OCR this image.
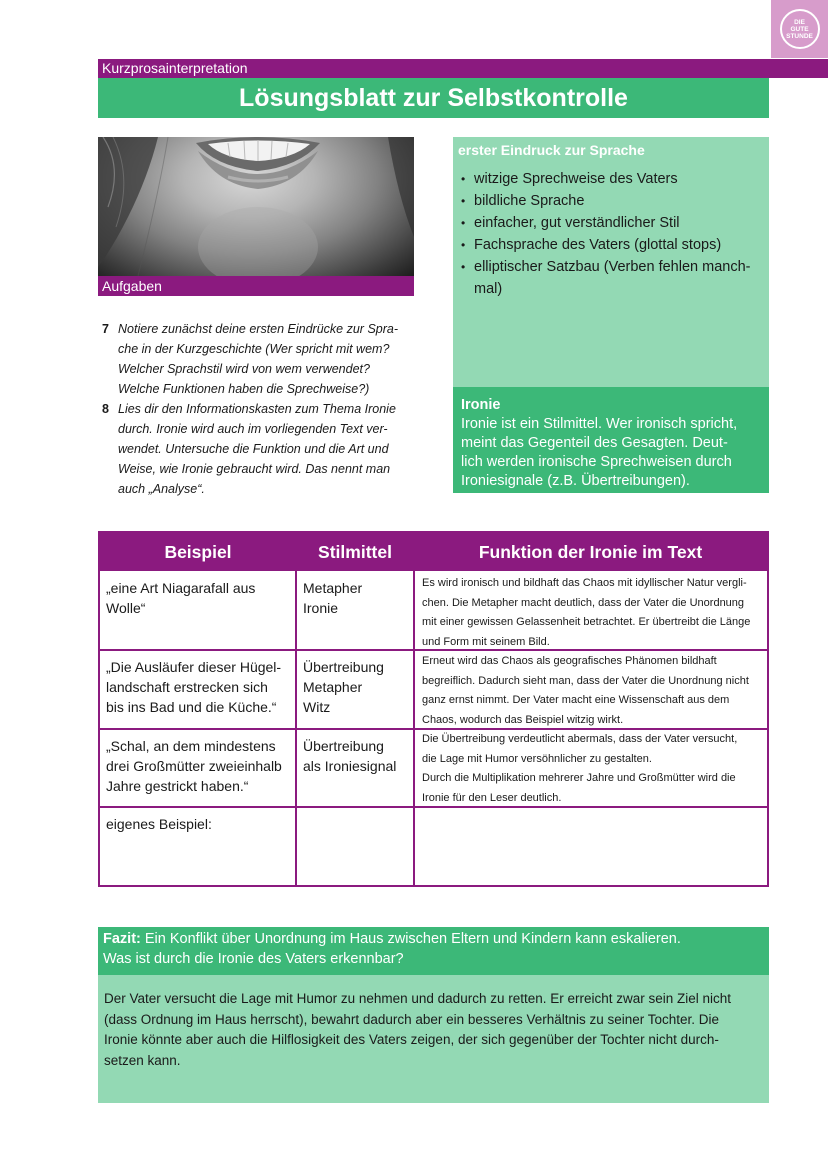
DIE
GUTE
STUNDE
Kurzprosainterpretation
Lösungsblatt zur Selbstkontrolle
Aufgaben
7 Notiere zunächst deine ersten Eindrücke zur Spra-
che in der Kurzgeschichte (Wer spricht mit wem?
Welcher Sprachstil wird von wem verwendet?
Welche Funktionen haben die Sprechweise?)
8 Lies dir den Informationskasten zum Thema Ironie
durch. Ironie wird auch im vorliegenden Text ver-
wendet. Untersuche die Funktion und die Art und
Weise, wie Ironie gebraucht wird. Das nennt man
auch „Analyse“.
erster Eindruck zur Sprache
• witzige Sprechweise des Vaters
• bildliche Sprache
• einfacher, gut verständlicher Stil
• Fachsprache des Vaters (glottal stops)
• elliptischer Satzbau (Verben fehlen manch-
mal)
Ironie
Ironie ist ein Stilmittel. Wer ironisch spricht,
meint das Gegenteil des Gesagten. Deut-
lich werden ironische Sprechweisen durch
Ironiesignale (z.B. Übertreibungen).
Beispiel	Stilmittel	Funktion der Ironie im Text
„eine Art Niagarafall aus
Wolle“
Metapher
Ironie
Es wird ironisch und bildhaft das Chaos mit idyllischer Natur vergli-
chen. Die Metapher macht deutlich, dass der Vater die Unordnung
mit einer gewissen Gelassenheit betrachtet. Er übertreibt die Länge
und Form mit seinem Bild.
„Die Ausläufer dieser Hügel-
landschaft erstrecken sich
bis ins Bad und die Küche.“
Übertreibung
Metapher
Witz
Erneut wird das Chaos als geografisches Phänomen bildhaft
begreiflich. Dadurch sieht man, dass der Vater die Unordnung nicht
ganz ernst nimmt. Der Vater macht eine Wissenschaft aus dem
Chaos, wodurch das Beispiel witzig wirkt.
„Schal, an dem mindestens
drei Großmütter zweieinhalb
Jahre gestrickt haben.“
Übertreibung
als Ironiesignal
Die Übertreibung verdeutlicht abermals, dass der Vater versucht,
die Lage mit Humor versöhnlicher zu gestalten.
Durch die Multiplikation mehrerer Jahre und Großmütter wird die
Ironie für den Leser deutlich.
eigenes Beispiel:
Fazit: Ein Konflikt über Unordnung im Haus zwischen Eltern und Kindern kann eskalieren.
Was ist durch die Ironie des Vaters erkennbar?
Der Vater versucht die Lage mit Humor zu nehmen und dadurch zu retten. Er erreicht zwar sein Ziel nicht
(dass Ordnung im Haus herrscht), bewahrt dadurch aber ein besseres Verhältnis zu seiner Tochter. Die
Ironie könnte aber auch die Hilflosigkeit des Vaters zeigen, der sich gegenüber der Tochter nicht durch-
setzen kann.
